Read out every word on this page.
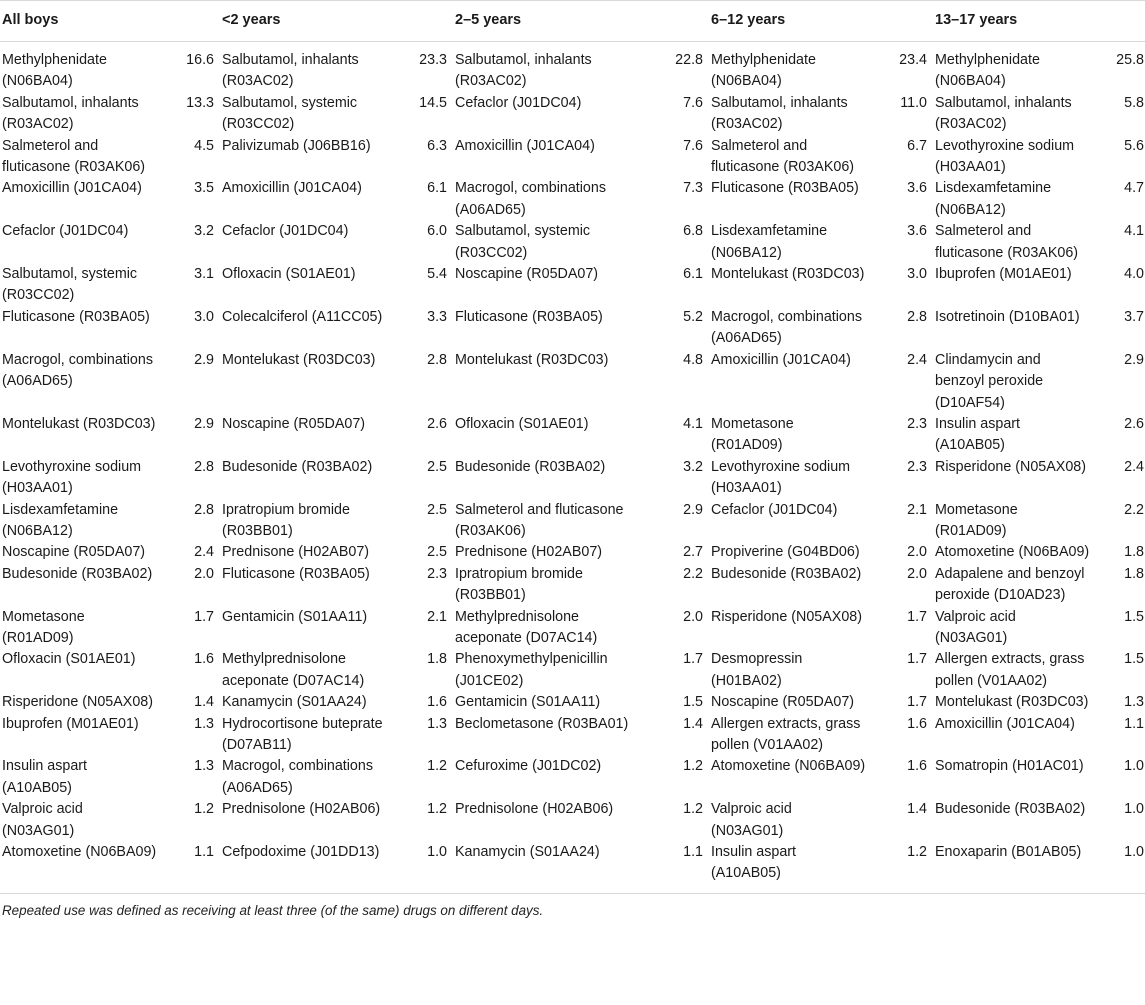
All boys		<2 years		2–5 years		6–12 years		13–17 years	
Methylphenidate (N06BA04)	16.6	Salbutamol, inhalants (R03AC02)	23.3	Salbutamol, inhalants (R03AC02)	22.8	Methylphenidate (N06BA04)	23.4	Methylphenidate (N06BA04)	25.8
Salbutamol, inhalants (R03AC02)	13.3	Salbutamol, systemic (R03CC02)	14.5	Cefaclor (J01DC04)	7.6	Salbutamol, inhalants (R03AC02)	11.0	Salbutamol, inhalants (R03AC02)	5.8
Salmeterol and fluticasone (R03AK06)	4.5	Palivizumab (J06BB16)	6.3	Amoxicillin (J01CA04)	7.6	Salmeterol and fluticasone (R03AK06)	6.7	Levothyroxine sodium (H03AA01)	5.6
Amoxicillin (J01CA04)	3.5	Amoxicillin (J01CA04)	6.1	Macrogol, combinations (A06AD65)	7.3	Fluticasone (R03BA05)	3.6	Lisdexamfetamine (N06BA12)	4.7
Cefaclor (J01DC04)	3.2	Cefaclor (J01DC04)	6.0	Salbutamol, systemic (R03CC02)	6.8	Lisdexamfetamine (N06BA12)	3.6	Salmeterol and fluticasone (R03AK06)	4.1
Salbutamol, systemic (R03CC02)	3.1	Ofloxacin (S01AE01)	5.4	Noscapine (R05DA07)	6.1	Montelukast (R03DC03)	3.0	Ibuprofen (M01AE01)	4.0
Fluticasone (R03BA05)	3.0	Colecalciferol (A11CC05)	3.3	Fluticasone (R03BA05)	5.2	Macrogol, combinations (A06AD65)	2.8	Isotretinoin (D10BA01)	3.7
Macrogol, combinations (A06AD65)	2.9	Montelukast (R03DC03)	2.8	Montelukast (R03DC03)	4.8	Amoxicillin (J01CA04)	2.4	Clindamycin and benzoyl peroxide (D10AF54)	2.9
Montelukast (R03DC03)	2.9	Noscapine (R05DA07)	2.6	Ofloxacin (S01AE01)	4.1	Mometasone (R01AD09)	2.3	Insulin aspart (A10AB05)	2.6
Levothyroxine sodium (H03AA01)	2.8	Budesonide (R03BA02)	2.5	Budesonide (R03BA02)	3.2	Levothyroxine sodium (H03AA01)	2.3	Risperidone (N05AX08)	2.4
Lisdexamfetamine (N06BA12)	2.8	Ipratropium bromide (R03BB01)	2.5	Salmeterol and fluticasone (R03AK06)	2.9	Cefaclor (J01DC04)	2.1	Mometasone (R01AD09)	2.2
Noscapine (R05DA07)	2.4	Prednisone (H02AB07)	2.5	Prednisone (H02AB07)	2.7	Propiverine (G04BD06)	2.0	Atomoxetine (N06BA09)	1.8
Budesonide (R03BA02)	2.0	Fluticasone (R03BA05)	2.3	Ipratropium bromide (R03BB01)	2.2	Budesonide (R03BA02)	2.0	Adapalene and benzoyl peroxide (D10AD23)	1.8
Mometasone (R01AD09)	1.7	Gentamicin (S01AA11)	2.1	Methylprednisolone aceponate (D07AC14)	2.0	Risperidone (N05AX08)	1.7	Valproic acid (N03AG01)	1.5
Ofloxacin (S01AE01)	1.6	Methylprednisolone aceponate (D07AC14)	1.8	Phenoxymethylpenicillin (J01CE02)	1.7	Desmopressin (H01BA02)	1.7	Allergen extracts, grass pollen (V01AA02)	1.5
Risperidone (N05AX08)	1.4	Kanamycin (S01AA24)	1.6	Gentamicin (S01AA11)	1.5	Noscapine (R05DA07)	1.7	Montelukast (R03DC03)	1.3
Ibuprofen (M01AE01)	1.3	Hydrocortisone buteprate (D07AB11)	1.3	Beclometasone (R03BA01)	1.4	Allergen extracts, grass pollen (V01AA02)	1.6	Amoxicillin (J01CA04)	1.1
Insulin aspart (A10AB05)	1.3	Macrogol, combinations (A06AD65)	1.2	Cefuroxime (J01DC02)	1.2	Atomoxetine (N06BA09)	1.6	Somatropin (H01AC01)	1.0
Valproic acid (N03AG01)	1.2	Prednisolone (H02AB06)	1.2	Prednisolone (H02AB06)	1.2	Valproic acid (N03AG01)	1.4	Budesonide (R03BA02)	1.0
Atomoxetine (N06BA09)	1.1	Cefpodoxime (J01DD13)	1.0	Kanamycin (S01AA24)	1.1	Insulin aspart (A10AB05)	1.2	Enoxaparin (B01AB05)	1.0
Repeated use was defined as receiving at least three (of the same) drugs on different days.
